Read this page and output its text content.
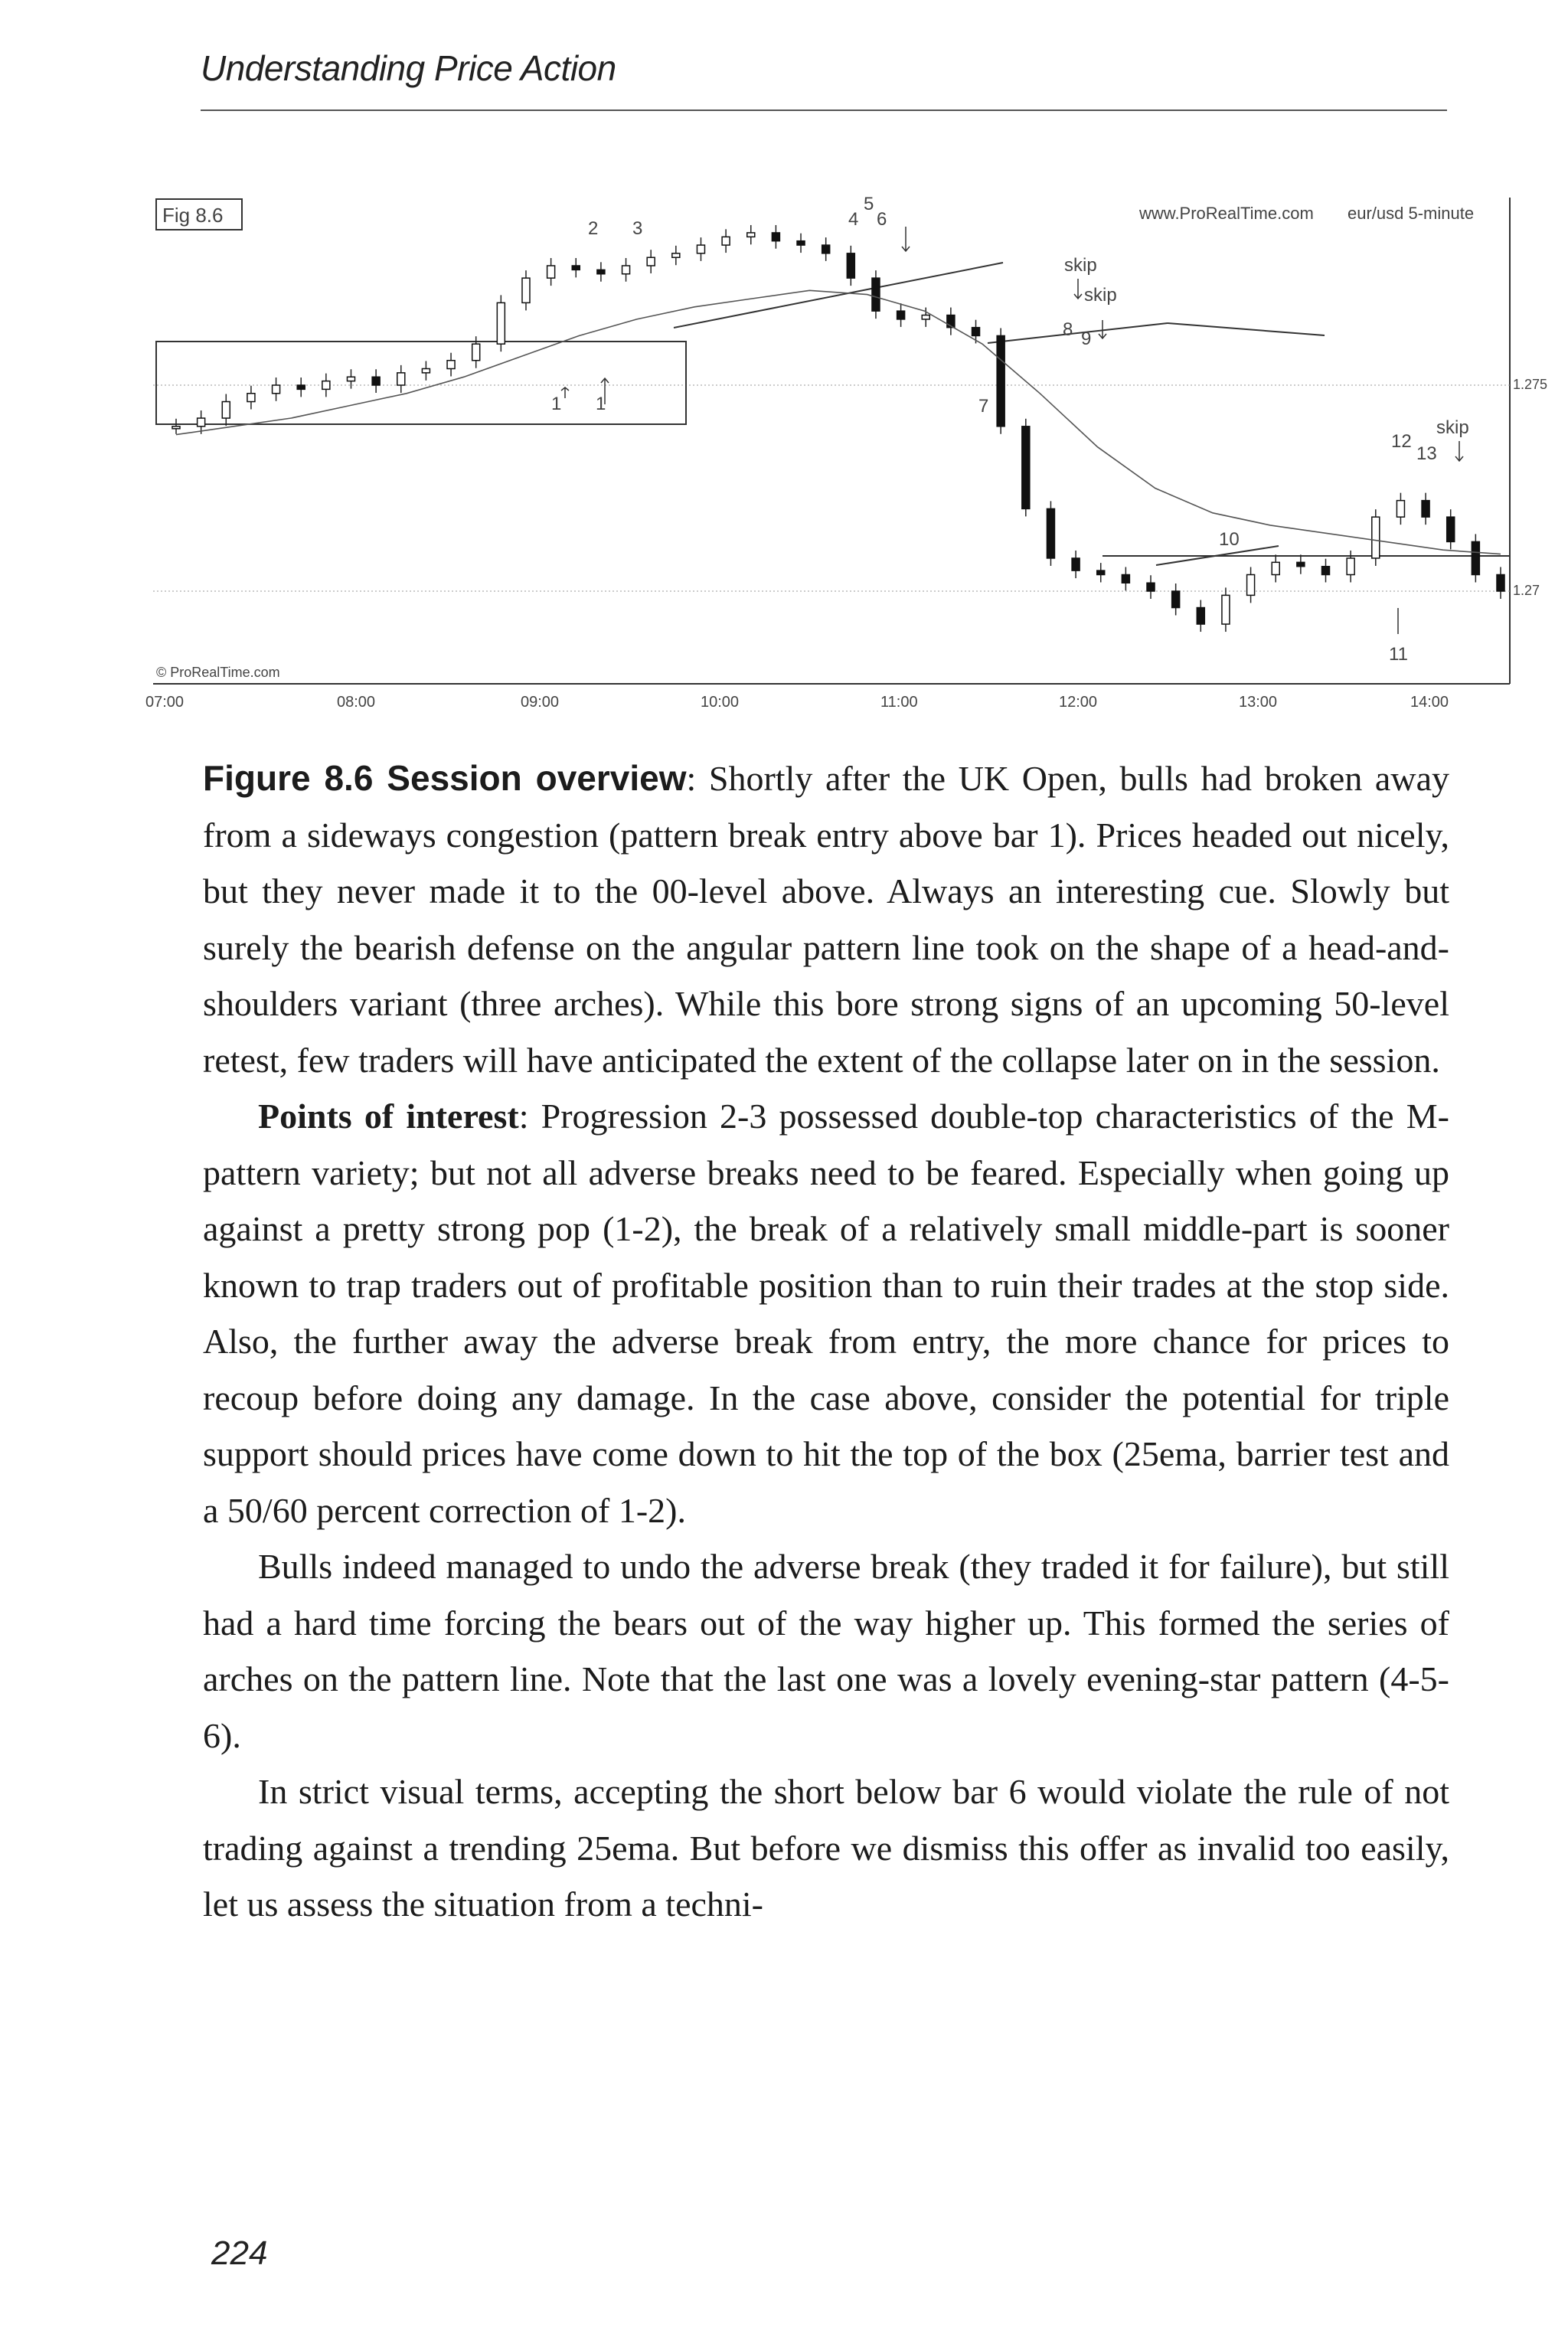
Understanding Price Action
Fig 8.6	www.ProRealTime.com eur/usd 5-minute
© ProRealTime.com
1.275
1.27
07:00	08:00	09:00	10:00	11:00	12:00	13:00	14:00
1 1
2 3	4
5
6
7
8 9
10
11
12
13
skip
skip
skip

Figure 8.6 Session overview: Shortly after the UK Open, bulls had broken away from a sideways congestion (pattern break entry above bar 1). Prices headed out nicely, but they never made it to the 00-level above. Always an interesting cue. Slowly but surely the bearish defense on the angular pattern line took on the shape of a head-and-shoulders variant (three arches). While this bore strong signs of an upcoming 50-level retest, few traders will have anticipated the extent of the collapse later on in the session.

Points of interest: Progression 2-3 possessed double-top characteristics of the M-pattern variety; but not all adverse breaks need to be feared. Especially when going up against a pretty strong pop (1-2), the break of a relatively small middle-part is sooner known to trap traders out of profitable position than to ruin their trades at the stop side. Also, the further away the adverse break from entry, the more chance for prices to recoup before doing any damage. In the case above, consider the potential for triple support should prices have come down to hit the top of the box (25ema, barrier test and a 50/60 percent correction of 1-2).

Bulls indeed managed to undo the adverse break (they traded it for failure), but still had a hard time forcing the bears out of the way higher up. This formed the series of arches on the pattern line. Note that the last one was a lovely evening-star pattern (4-5-6).

In strict visual terms, accepting the short below bar 6 would violate the rule of not trading against a trending 25ema. But before we dismiss this offer as invalid too easily, let us assess the situation from a techni-

224
